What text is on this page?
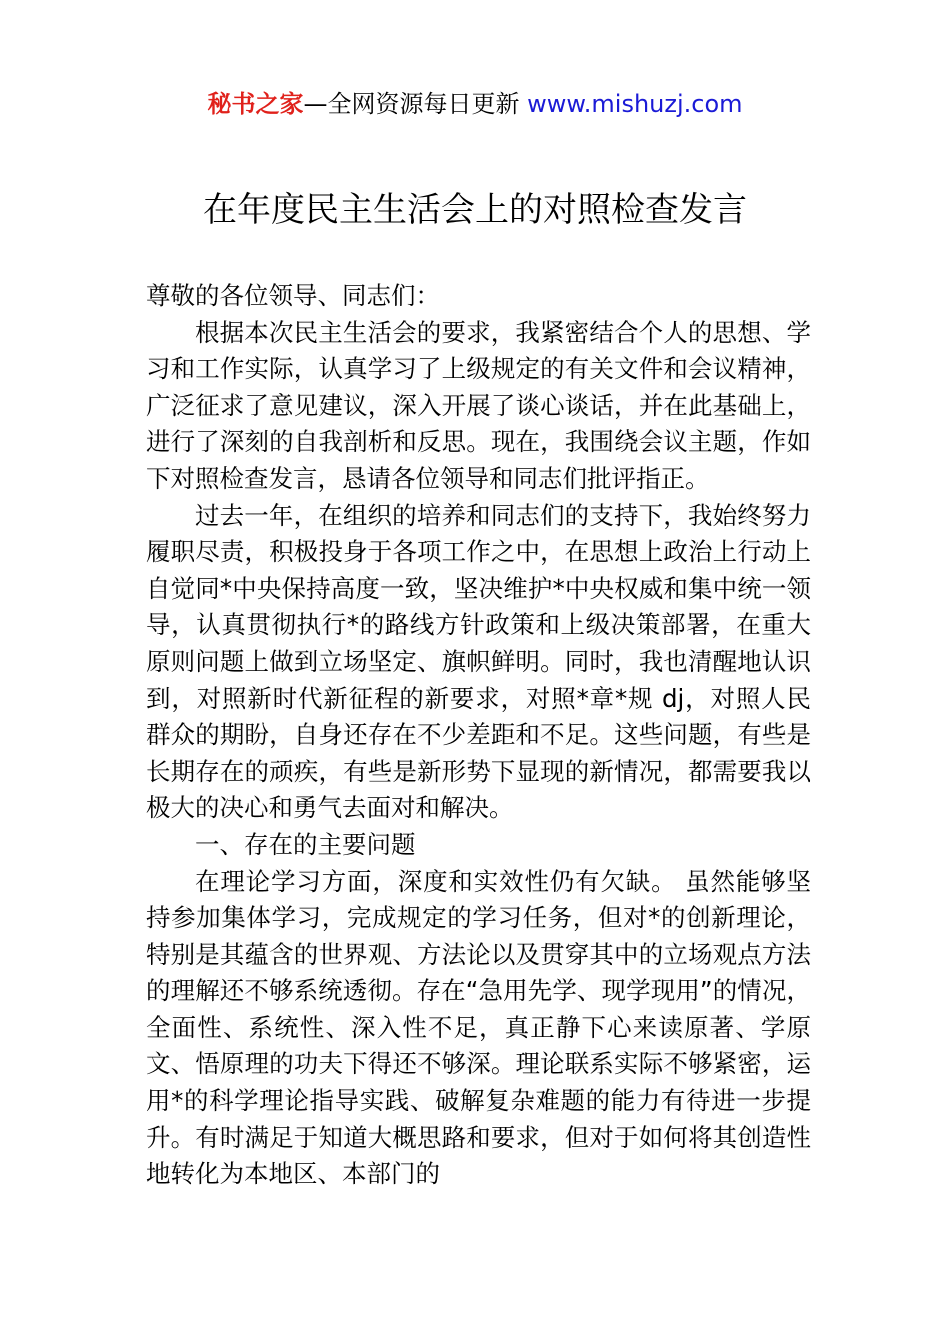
秘书之家—全网资源每日更新 www.mishuzj.com
在年度民主生活会上的对照检查发言

尊敬的各位领导、同志们：

根据本次民主生活会的要求，我紧密结合个人的思想、学习和工作实际，认真学习了上级规定的有关文件和会议精神，广泛征求了意见建议，深入开展了谈心谈话，并在此基础上，进行了深刻的自我剖析和反思。现在，我围绕会议主题，作如下对照检查发言，恳请各位领导和同志们批评指正。

过去一年，在组织的培养和同志们的支持下，我始终努力履职尽责，积极投身于各项工作之中，在思想上政治上行动上自觉同*中央保持高度一致，坚决维护*中央权威和集中统一领导，认真贯彻执行*的路线方针政策和上级决策部署，在重大原则问题上做到立场坚定、旗帜鲜明。同时，我也清醒地认识到，对照新时代新征程的新要求，对照*章*规 dj，对照人民群众的期盼，自身还存在不少差距和不足。这些问题，有些是长期存在的顽疾，有些是新形势下显现的新情况，都需要我以极大的决心和勇气去面对和解决。

一、存在的主要问题

在理论学习方面，深度和实效性仍有欠缺。 虽然能够坚持参加集体学习，完成规定的学习任务，但对*的创新理论，特别是其蕴含的世界观、方法论以及贯穿其中的立场观点方法的理解还不够系统透彻。存在“急用先学、现学现用”的情况，全面性、系统性、深入性不足，真正静下心来读原著、学原文、悟原理的功夫下得还不够深。理论联系实际不够紧密，运用*的科学理论指导实践、破解复杂难题的能力有待进一步提升。有时满足于知道大概思路和要求，但对于如何将其创造性地转化为本地区、本部门的
